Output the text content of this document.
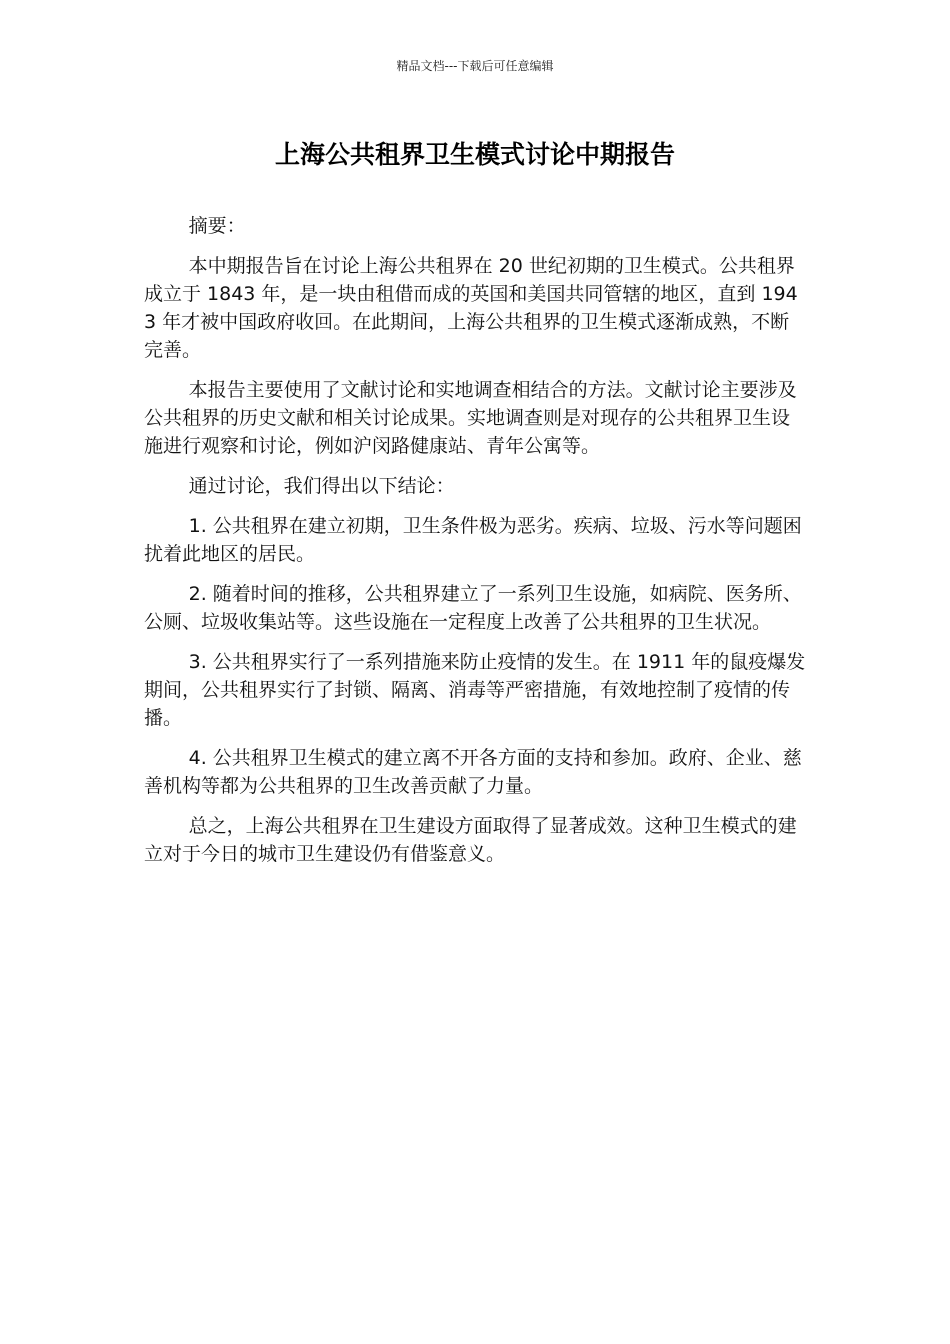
精品文档---下载后可任意编辑
上海公共租界卫生模式讨论中期报告

摘要：

本中期报告旨在讨论上海公共租界在 20 世纪初期的卫生模式。公共租界成立于 1843 年，是一块由租借而成的英国和美国共同管辖的地区，直到 1943 年才被中国政府收回。在此期间，上海公共租界的卫生模式逐渐成熟，不断完善。

本报告主要使用了文献讨论和实地调查相结合的方法。文献讨论主要涉及公共租界的历史文献和相关讨论成果。实地调查则是对现存的公共租界卫生设施进行观察和讨论，例如沪闵路健康站、青年公寓等。

通过讨论，我们得出以下结论：

1. 公共租界在建立初期，卫生条件极为恶劣。疾病、垃圾、污水等问题困扰着此地区的居民。

2. 随着时间的推移，公共租界建立了一系列卫生设施，如病院、医务所、公厕、垃圾收集站等。这些设施在一定程度上改善了公共租界的卫生状况。

3. 公共租界实行了一系列措施来防止疫情的发生。在 1911 年的鼠疫爆发期间，公共租界实行了封锁、隔离、消毒等严密措施，有效地控制了疫情的传播。

4. 公共租界卫生模式的建立离不开各方面的支持和参加。政府、企业、慈善机构等都为公共租界的卫生改善贡献了力量。

总之，上海公共租界在卫生建设方面取得了显著成效。这种卫生模式的建立对于今日的城市卫生建设仍有借鉴意义。
